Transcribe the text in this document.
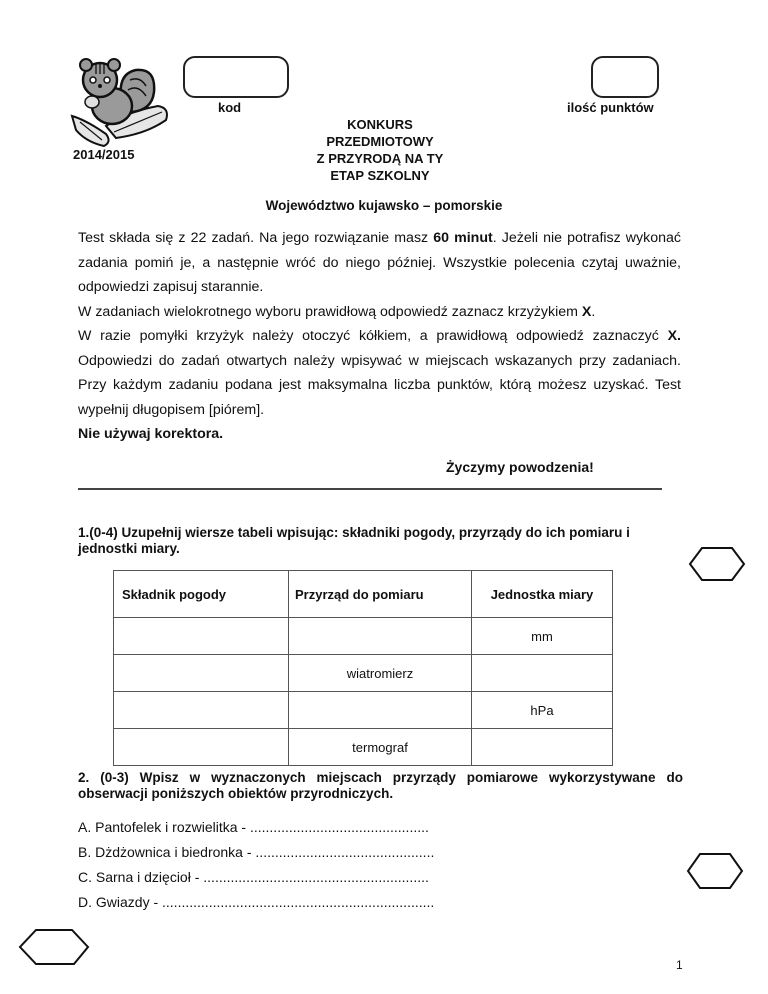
2014/2015
kod	ilość punktów
KONKURS
PRZEDMIOTOWY
Z PRZYRODĄ NA TY
ETAP SZKOLNY
Województwo kujawsko – pomorskie

Test składa się z 22 zadań. Na jego rozwiązanie masz 60 minut. Jeżeli nie potrafisz wykonać zadania pomiń je, a następnie wróć do niego później. Wszystkie polecenia czytaj uważnie, odpowiedzi zapisuj starannie.

W zadaniach wielokrotnego wyboru prawidłową odpowiedź zaznacz krzyżykiem X.

W razie pomyłki krzyżyk należy otoczyć kółkiem, a prawidłową odpowiedź zaznaczyć X. Odpowiedzi do zadań otwartych należy wpisywać w miejscach wskazanych przy zadaniach. Przy każdym zadaniu podana jest maksymalna liczba punktów, którą możesz uzyskać. Test wypełnij długopisem [piórem].

Nie używaj korektora.

Życzymy powodzenia!
1.(0-4) Uzupełnij wiersze tabeli wpisując: składniki pogody, przyrządy do ich pomiaru i jednostki miary.
Składnik pogody	Przyrząd do pomiaru	Jednostka miary
		mm
	wiatromierz	
		hPa
	termograf	
2. (0-3) Wpisz w wyznaczonych miejscach przyrządy pomiarowe wykorzystywane do obserwacji poniższych obiektów przyrodniczych.
A. Pantofelek i rozwielitka - ..............................................
B. Dżdżownica i biedronka - ..............................................
C. Sarna i dzięcioł - ..........................................................
D. Gwiazdy - ......................................................................
1
